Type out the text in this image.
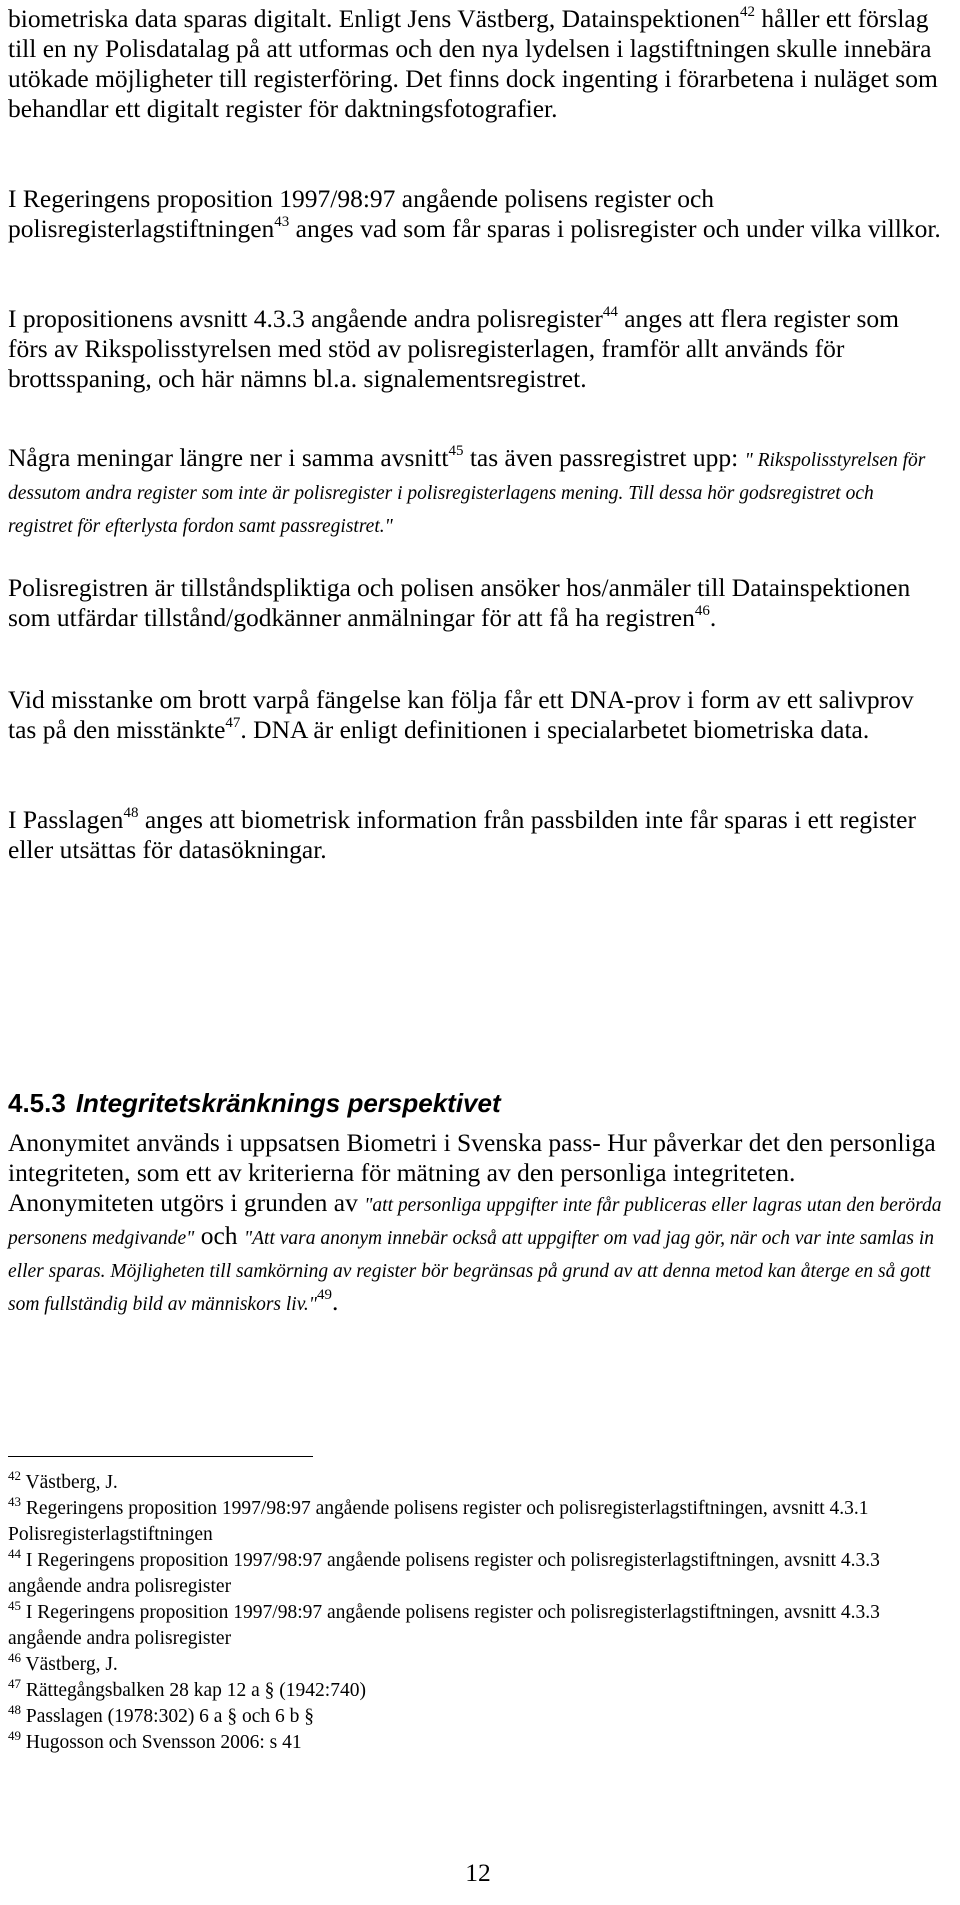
biometriska data sparas digitalt. Enligt Jens Västberg, Datainspektionen$^{42}$ håller ett förslag till en ny Polisdatalag på att utformas och den nya lydelsen i lagstiftningen skulle innebära utökade möjligheter till registerföring. Det finns dock ingenting i förarbetena i nuläget som behandlar ett digitalt register för daktningsfotografier.

I Regeringens proposition 1997/98:97 angående polisens register och polisregisterlagstiftningen$^{43}$ anges vad som får sparas i polisregister och under vilka villkor.

I propositionens avsnitt 4.3.3 angående andra polisregister$^{44}$ anges att flera register som förs av Rikspolisstyrelsen med stöd av polisregisterlagen, framför allt används för brottsspaning, och här nämns bl.a. signalementsregistret.

Några meningar längre ner i samma avsnitt$^{45}$ tas även passregistret upp: " Rikspolisstyrelsen för dessutom andra register som inte är polisregister i polisregisterlagens mening. Till dessa hör godsregistret och registret för efterlysta fordon samt passregistret."

Polisregistren är tillståndspliktiga och polisen ansöker hos/anmäler till Datainspektionen som utfärdar tillstånd/godkänner anmälningar för att få ha registren$^{46}$.

Vid misstanke om brott varpå fängelse kan följa får ett DNA-prov i form av ett salivprov tas på den misstänkte$^{47}$. DNA är enligt definitionen i specialarbetet biometriska data.

I Passlagen$^{48}$ anges att biometrisk information från passbilden inte får sparas i ett register eller utsättas för datasökningar.

4.5.3 Integritetskränknings perspektivet

Anonymitet används i uppsatsen Biometri i Svenska pass- Hur påverkar det den personliga integriteten, som ett av kriterierna för mätning av den personliga integriteten. Anonymiteten utgörs i grunden av "att personliga uppgifter inte får publiceras eller lagras utan den berörda personens medgivande" och "Att vara anonym innebär också att uppgifter om vad jag gör, när och var inte samlas in eller sparas. Möjligheten till samkörning av register bör begränsas på grund av att denna metod kan återge en så gott som fullständig bild av människors liv."$^{49}$.

$^{42}$ Västberg, J.

$^{43}$ Regeringens proposition 1997/98:97 angående polisens register och polisregisterlagstiftningen, avsnitt 4.3.1 Polisregisterlagstiftningen

$^{44}$ I Regeringens proposition 1997/98:97 angående polisens register och polisregisterlagstiftningen, avsnitt 4.3.3 angående andra polisregister

$^{45}$ I Regeringens proposition 1997/98:97 angående polisens register och polisregisterlagstiftningen, avsnitt 4.3.3 angående andra polisregister

$^{46}$ Västberg, J.

$^{47}$ Rättegångsbalken 28 kap 12 a § (1942:740)

$^{48}$ Passlagen (1978:302) 6 a § och 6 b §

$^{49}$ Hugosson och Svensson 2006: s 41

12
